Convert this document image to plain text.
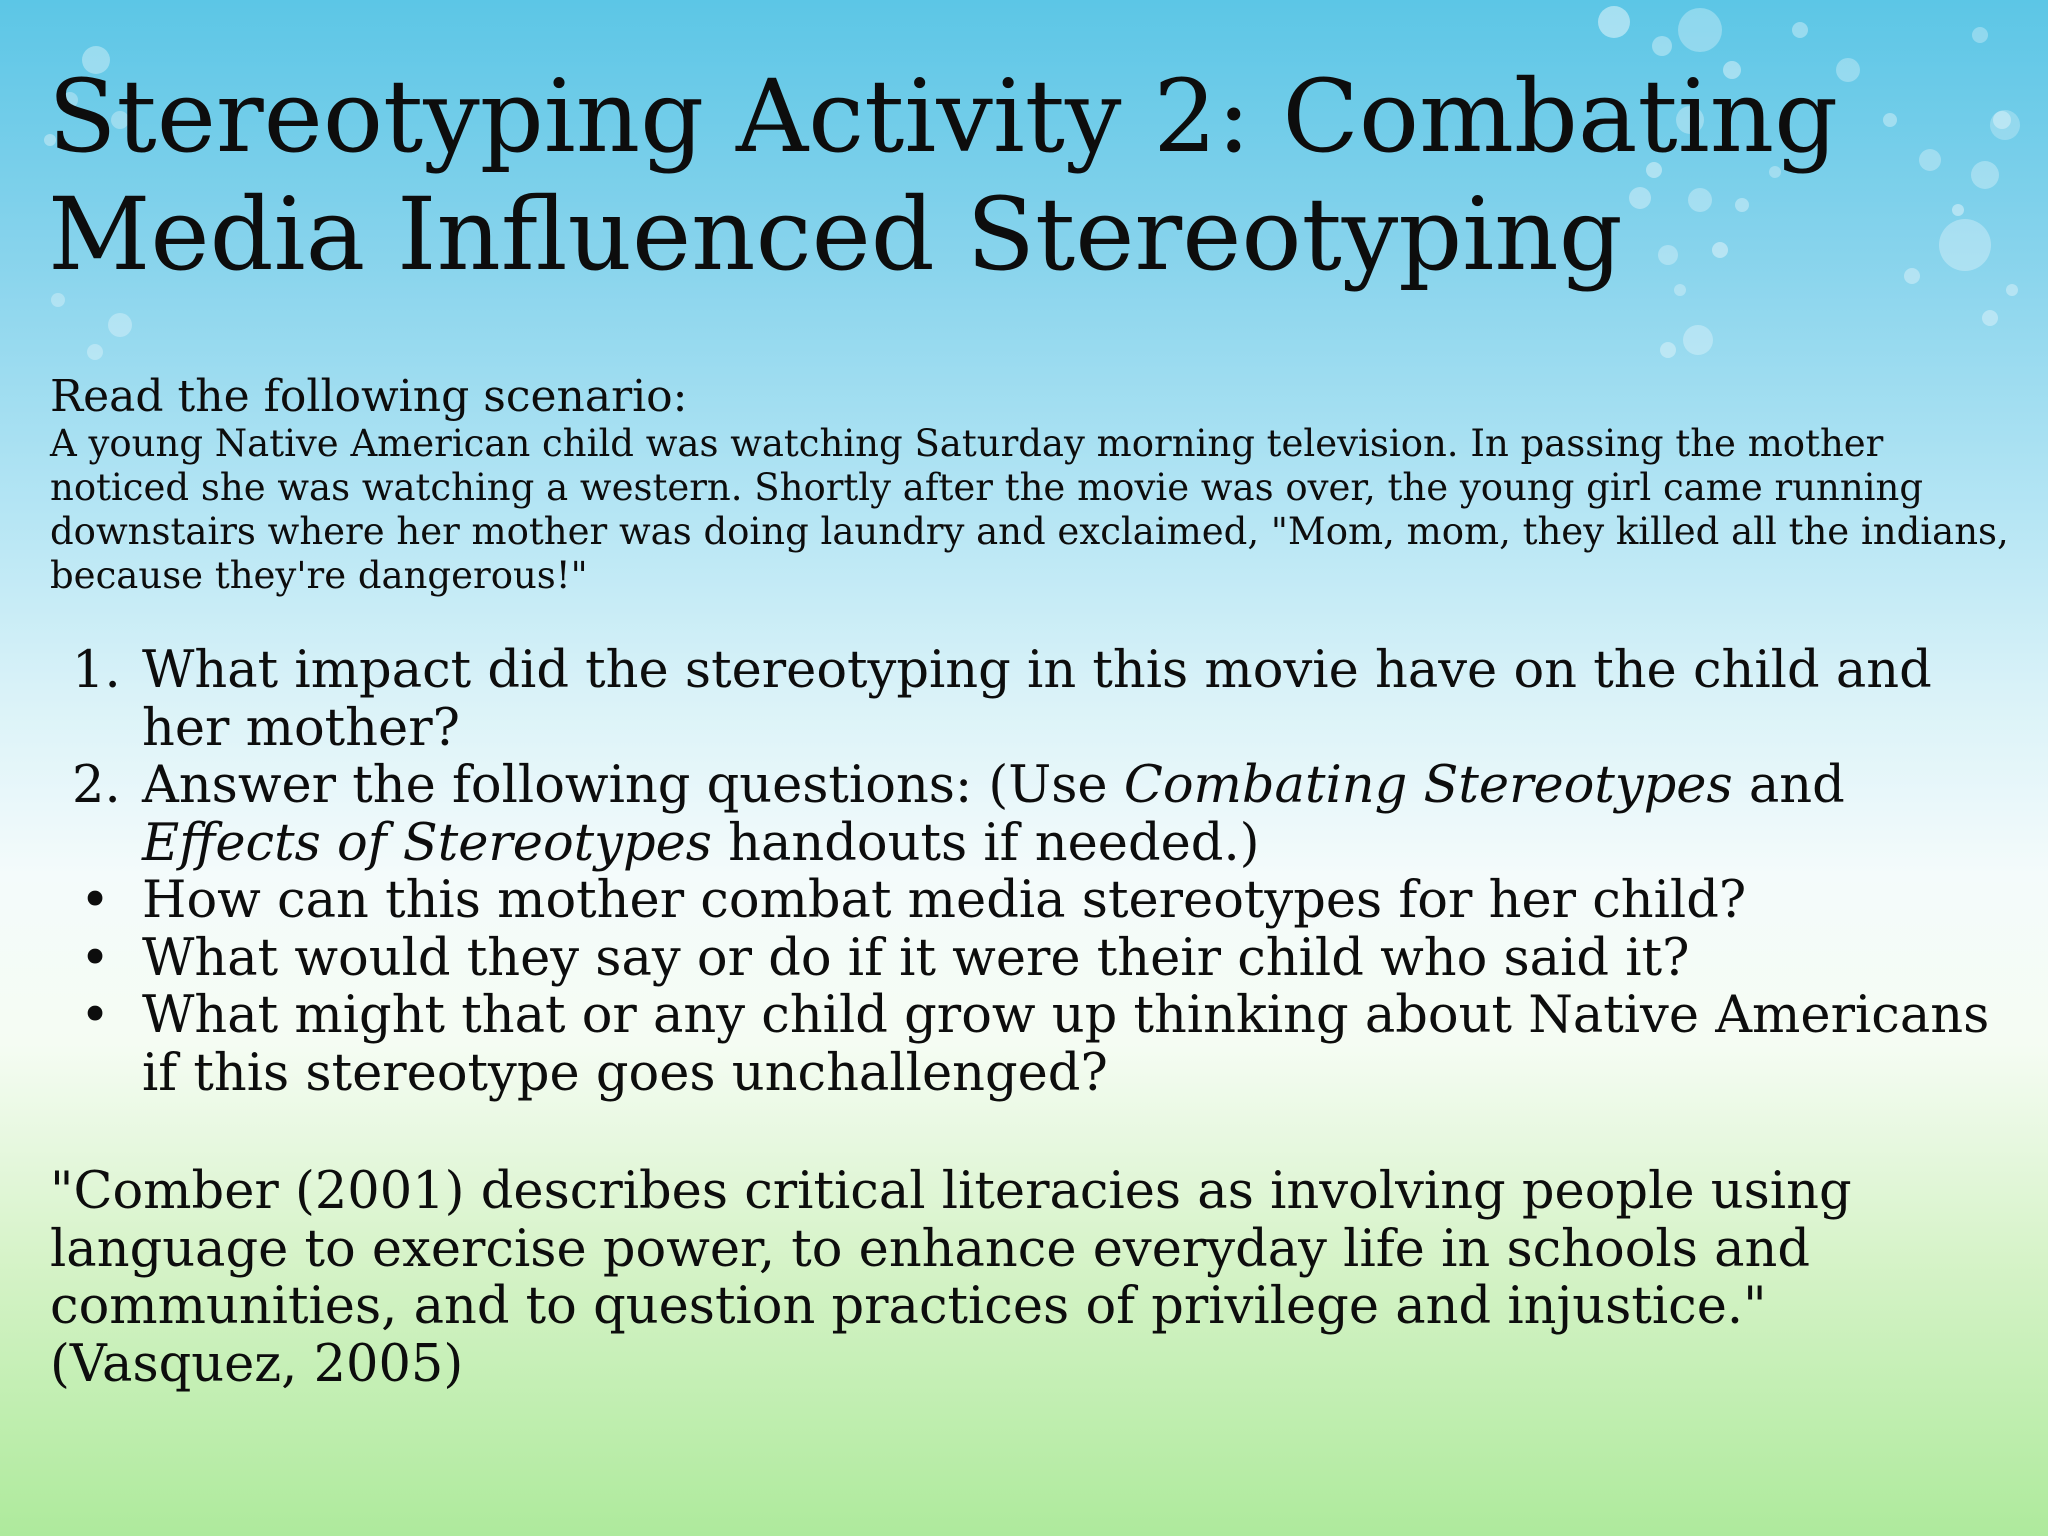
Stereotyping Activity 2: Combating
Media Influenced Stereotyping

Read the following scenario:

A young Native American child was watching Saturday morning television. In passing the mother noticed she was watching a western. Shortly after the movie was over, the young girl came running downstairs where her mother was doing laundry and exclaimed, "Mom, mom, they killed all the indians, because they're dangerous!"

1. What impact did the stereotyping in this movie have on the child and her mother?
2. Answer the following questions: (Use Combating Stereotypes and Effects of Stereotypes handouts if needed.)
• How can this mother combat media stereotypes for her child?
• What would they say or do if it were their child who said it?
• What might that or any child grow up thinking about Native Americans if this stereotype goes unchallenged?

"Comber (2001) describes critical literacies as involving people using language to exercise power, to enhance everyday life in schools and communities, and to question practices of privilege and injustice." (Vasquez, 2005)
